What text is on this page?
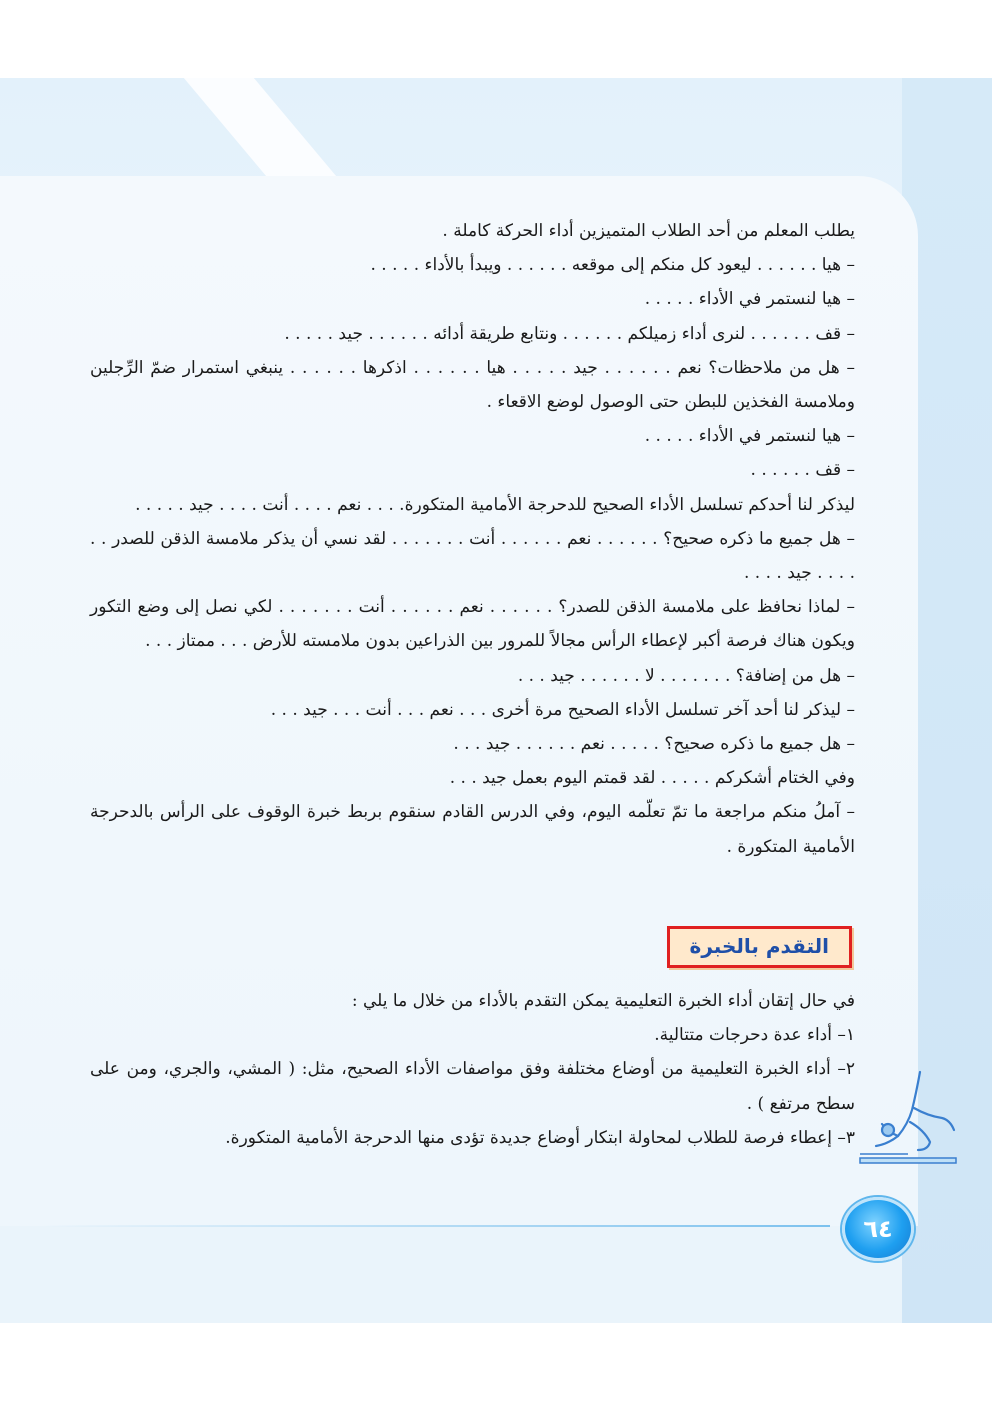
يطلب المعلم من أحد الطلاب المتميزين أداء الحركة كاملة .

– هيا . . . . . . ليعود كل منكم إلى موقعه . . . . . . ويبدأ بالأداء . . . . .

– هيا لنستمر في الأداء . . . . .

– قف . . . . . . لنرى أداء زميلكم . . . . . . ونتابع طريقة أدائه . . . . . . جيد . . . . .

– هل من ملاحظات؟ نعم . . . . . . جيد . . . . . هيا . . . . . . اذكرها . . . . . . ينبغي استمرار ضمّ الرِّجلين وملامسة الفخذين للبطن حتى الوصول لوضع الاقعاء .

– هيا لنستمر في الأداء . . . . .

– قف . . . . . .

ليذكر لنا أحدكم تسلسل الأداء الصحيح للدحرجة الأمامية المتكورة. . . . نعم . . . . أنت . . . . جيد . . . . .

– هل جميع ما ذكره صحيح؟ . . . . . . نعم . . . . . . أنت . . . . . . . لقد نسي أن يذكر ملامسة الذقن للصدر . . . . . . جيد . . . .

– لماذا نحافظ على ملامسة الذقن للصدر؟ . . . . . . نعم . . . . . . أنت . . . . . . . لكي نصل إلى وضع التكور ويكون هناك فرصة أكبر لإعطاء الرأس مجالاً للمرور بين الذراعين بدون ملامسته للأرض . . . ممتاز . . .

– هل من إضافة؟ . . . . . . . لا . . . . . . جيد . . .

– ليذكر لنا أحد آخر تسلسل الأداء الصحيح مرة أخرى . . . نعم . . . أنت . . . جيد . . .

– هل جميع ما ذكره صحيح؟ . . . . . نعم . . . . . . جيد . . .

وفي الختام أشكركم . . . . . لقد قمتم اليوم بعمل جيد . . .

– آملُ منكم مراجعة ما تمّ تعلّمه اليوم، وفي الدرس القادم سنقوم بربط خبرة الوقوف على الرأس بالدحرجة الأمامية المتكورة .

التقدم بالخبرة

في حال إتقان أداء الخبرة التعليمية يمكن التقدم بالأداء من خلال ما يلي :

١– أداء عدة دحرجات متتالية.

٢– أداء الخبرة التعليمية من أوضاع مختلفة وفق مواصفات الأداء الصحيح، مثل: ( المشي، والجري، ومن على سطح مرتفع ) .

٣– إعطاء فرصة للطلاب لمحاولة ابتكار أوضاع جديدة تؤدى منها الدحرجة الأمامية المتكورة.

٦٤
